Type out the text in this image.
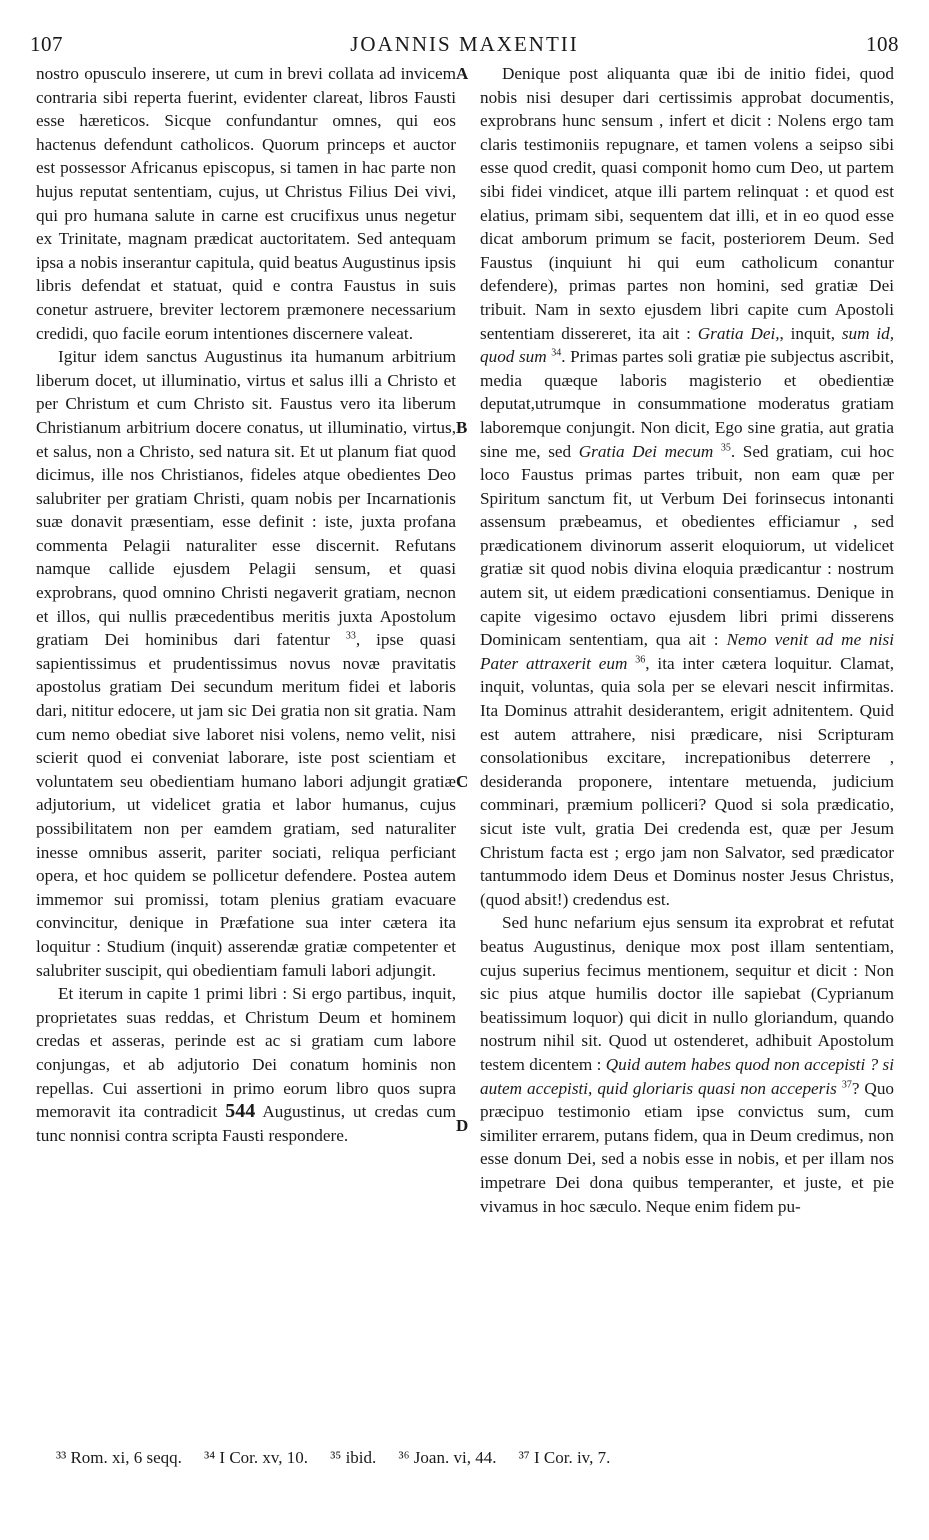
107	JOANNIS MAXENTII	108

nostro opusculo inserere, ut cum in brevi collata ad invicem contraria sibi reperta fuerint, evidenter clareat, libros Fausti esse hæreticos. Sicque confundantur omnes, qui eos hactenus defendunt catholicos. Quorum princeps et auctor est possessor Africanus episcopus, si tamen in hac parte non hujus reputat sententiam, cujus, ut Christus Filius Dei vivi, qui pro humana salute in carne est crucifixus unus negetur ex Trinitate, magnam prædicat auctoritatem. Sed antequam ipsa a nobis inserantur capitula, quid beatus Augustinus ipsis libris defendat et statuat, quid e contra Faustus in suis conetur astruere, breviter lectorem præmonere necessarium credidi, quo facile eorum intentiones discernere valeat.

Igitur idem sanctus Augustinus ita humanum arbitrium liberum docet, ut illuminatio, virtus et salus illi a Christo et per Christum et cum Christo sit. Faustus vero ita liberum Christianum arbitrium docere conatus, ut illuminatio, virtus, et salus, non a Christo, sed natura sit. Et ut planum fiat quod dicimus, ille nos Christianos, fideles atque obedientes Deo salubriter per gratiam Christi, quam nobis per Incarnationis suæ donavit præsentiam, esse definit : iste, juxta profana commenta Pelagii naturaliter esse discernit. Refutans namque callide ejusdem Pelagii sensum, et quasi exprobrans, quod omnino Christi negaverit gratiam, necnon et illos, qui nullis præcedentibus meritis juxta Apostolum gratiam Dei hominibus dari fatentur $^{33}$, ipse quasi sapientissimus et prudentissimus novus novæ pravitatis apostolus gratiam Dei secundum meritum fidei et laboris dari, nititur edocere, ut jam sic Dei gratia non sit gratia. Nam cum nemo obediat sive laboret nisi volens, nemo velit, nisi scierit quod ei conveniat laborare, iste post scientiam et voluntatem seu obedientiam humano labori adjungit gratiæ adjutorium, ut videlicet gratia et labor humanus, cujus possibilitatem non per eamdem gratiam, sed naturaliter inesse omnibus asserit, pariter sociati, reliqua perficiant opera, et hoc quidem se pollicetur defendere. Postea autem immemor sui promissi, totam plenius gratiam evacuare convincitur, denique in Præfatione sua inter cætera ita loquitur : Studium (inquit) asserendæ gratiæ competenter et salubriter suscipit, qui obedientiam famuli labori adjungit.

Et iterum in capite 1 primi libri : Si ergo partibus, inquit, proprietates suas reddas, et Christum Deum et hominem credas et asseras, perinde est ac si gratiam cum labore conjungas, et ab adjutorio Dei conatum hominis non repellas. Cui assertioni in primo eorum libro quos supra memoravit ita contradicit 544 Augustinus, ut credas cum tunc nonnisi contra scripta Fausti respondere.

A
B
C
D

Denique post aliquanta quæ ibi de initio fidei, quod nobis nisi desuper dari certissimis approbat documentis, exprobrans hunc sensum , infert et dicit : Nolens ergo tam claris testimoniis repugnare, et tamen volens a seipso sibi esse quod credit, quasi componit homo cum Deo, ut partem sibi fidei vindicet, atque illi partem relinquat : et quod est elatius, primam sibi, sequentem dat illi, et in eo quod esse dicat amborum primum se facit, posteriorem Deum. Sed Faustus (inquiunt hi qui eum catholicum conantur defendere), primas partes non homini, sed gratiæ Dei tribuit. Nam in sexto ejusdem libri capite cum Apostoli sententiam dissereret, ita ait : Gratia Dei,, inquit, sum id, quod sum $^{34}$. Primas partes soli gratiæ pie subjectus ascribit, media quæque laboris magisterio et obedientiæ deputat,utrumque in consummatione moderatus gratiam laboremque conjungit. Non dicit, Ego sine gratia, aut gratia sine me, sed Gratia Dei mecum $^{35}$. Sed gratiam, cui hoc loco Faustus primas partes tribuit, non eam quæ per Spiritum sanctum fit, ut Verbum Dei forinsecus intonanti assensum præbeamus, et obedientes efficiamur , sed prædicationem divinorum asserit eloquiorum, ut videlicet gratiæ sit quod nobis divina eloquia prædicantur : nostrum autem sit, ut eidem prædicationi consentiamus. Denique in capite vigesimo octavo ejusdem libri primi disserens Dominicam sententiam, qua ait : Nemo venit ad me nisi Pater attraxerit eum $^{36}$, ita inter cætera loquitur. Clamat, inquit, voluntas, quia sola per se elevari nescit infirmitas. Ita Dominus attrahit desiderantem, erigit adnitentem. Quid est autem attrahere, nisi prædicare, nisi Scripturam consolationibus excitare, increpationibus deterrere , desideranda proponere, intentare metuenda, judicium comminari, præmium polliceri? Quod si sola prædicatio, sicut iste vult, gratia Dei credenda est, quæ per Jesum Christum facta est ; ergo jam non Salvator, sed prædicator tantummodo idem Deus et Dominus noster Jesus Christus, (quod absit!) credendus est.

Sed hunc nefarium ejus sensum ita exprobrat et refutat beatus Augustinus, denique mox post illam sententiam, cujus superius fecimus mentionem, sequitur et dicit : Non sic pius atque humilis doctor ille sapiebat (Cyprianum beatissimum loquor) qui dicit in nullo gloriandum, quando nostrum nihil sit. Quod ut ostenderet, adhibuit Apostolum testem dicentem : Quid autem habes quod non accepisti ? si autem accepisti, quid gloriaris quasi non acceperis $^{37}$? Quo præcipuo testimonio etiam ipse convictus sum, cum similiter errarem, putans fidem, qua in Deum credimus, non esse donum Dei, sed a nobis esse in nobis, et per illam nos impetrare Dei dona quibus temperanter, et juste, et pie vivamus in hoc sæculo. Neque enim fidem pu-

³³ Rom. xi, 6 seqq. ³⁴ I Cor. xv, 10. ³⁵ ibid. ³⁶ Joan. vi, 44. ³⁷ I Cor. iv, 7.
